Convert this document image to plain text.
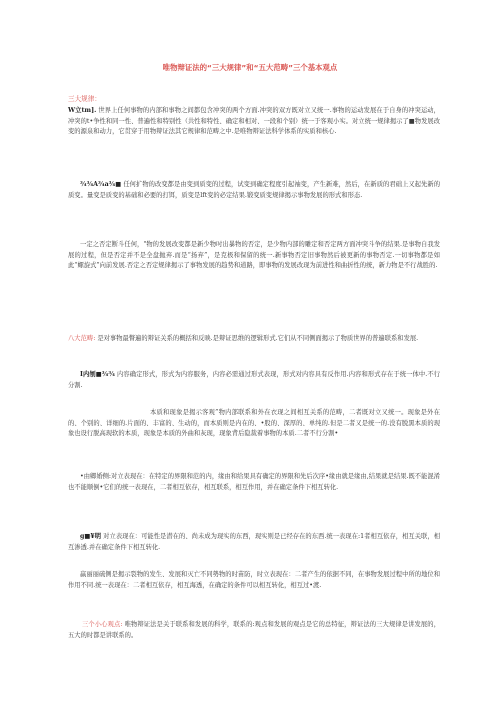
唯物辩证法的“三大规律”和“五大范畴”三个基本观点
三大规律：
W立tm]. 世界上任何事物的内部和事物之间都包含冲突的两个方面.冲突的双方既对立又统一.事物的运动发展在于自身的冲突运动，冲突的t•争性和同一性、普遍性和特别性（共性和特性、确定和相对、一段和个别）统一于客观小实。对立统一规律揭示了■物发展改变的源泉和动力，它贯穿于用物辩证法其它规律和范畴之中.是唯物辩证法科学体系的实质和核心.
¾¾A¾a¾■ 任何扩物的改变都是由变到质变的过程，试变到确定程度引起袖变，产生新难，然后，在新质的君础上又起先新的质变。量变是质变的基础和必要的打饵，质变是lft变的必定结果.锻变质变规律揭示事物发展的形式和形态.
一定之否定断斗任何，"物的发展改变都是新少物吋出暴物的否定，是少物内部的雕定和否定两方面冲突斗争的结果.是事物自我发展的过程，但是否定并不是全盘抛弃.而是“扬弃”，是克极和保留的统一.新事物否定旧事物然后被更新的事物否定.一切事物都是如此“螺旋式”向前发展.否定之否定规律揭示了事物发展的趋势和道路，即事物的发展改现为前进性和曲折性的统，新力物是不行战胜的.
八大范畴: 是对事物最瞥遍的辩证关系的概括和反映.是辩证思维的逻辑形式.它们从不同侧面揭示了物质世界的普遍联系和发展.
I内刎■¾¾ 内容确定形式，形式为内容服务，内容必需通过形式表现，形式对内容具有反作用.内容和形式存在于统一体中.不行分割.
本质和现象是揭示客观”物内部联系和外在衣现之间相互关系的范畴，二者既对立又统一。现象是外在的、个别的、详细的.片面的、丰富的、生动的，而本质则是内在的、•股的、深厚的、单纯的.但是二者又是统一的.没有脱黑本质的现象也设行脱高现软的本质，现象是本质的外曲和灰现，现象背后隐裁着事物的本质.二者不行分割•
•由卿婚侧:对立表现在：在特定的界限和范的内，缘由和给果具有确定的界限和先后次序•缘由就是缘由,结果就是结果.既不能混淆也不能顺倒•它们的统一表现在，二者相互依存，相互联系，相互作用，并在确定条件下相互转化.
g■¥明 对立表现在：可能性是潜在的、尚未成为现实的东西，现实则是已经存在的东西.统一表现在:1者相互依存，相互关联，相互渗透.并在确定条件下相互转化.
赢丽丽硫侧是揭示裂物的发生、发展和灭亡不同勢物的时苗防，时立表现在：二者产生的依据不同，在事物发展过程中所的地位和作用不同.统一表现在：二者相互依存，相互海透，在确定的条件可以相互转化，相互过•渡.
三个小心观点: 唯物辩证法是关于联系和发展的科学，联系的:观点和发展的观点是它的总特征，辩证法的三大规律是讲发展的，五大的时都是讲联系的。
